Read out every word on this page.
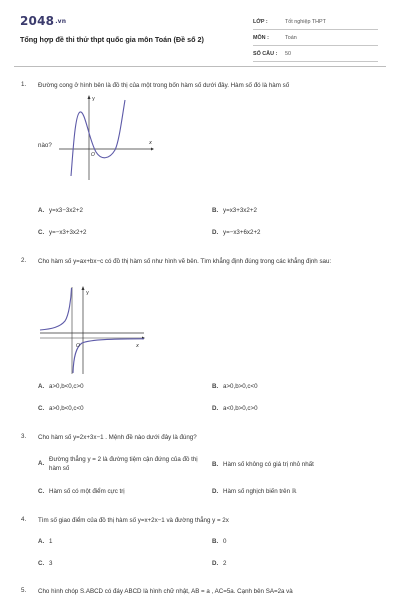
2048.vn
Tổng hợp đề thi thử thpt quốc gia môn Toán (Đề số 2)
LỚP :	Tốt nghiệp THPT
MÔN :	Toán
SỐ CÂU : 50
1. Đường cong ở hình bên là đồ thị của một trong bốn hàm số dưới đây. Hàm số đó là hàm số
nào?
y
x
O
A. y=x3−3x2+2	B. y=x3+3x2+2
C. y=−x3+3x2+2	D. y=−x3+6x2+2
2. Cho hàm số y=ax+bx−c có đồ thị hàm số như hình vẽ bên. Tìm khẳng định đúng trong các khẳng định sau:
y
x
O
A. a>0,b<0,c>0	B. a>0,b>0,c<0
C. a>0,b<0,c<0	D. a<0,b>0,c>0
3. Cho hàm số y=2x+3x−1 . Mệnh đề nào dưới đây là đúng?
A.Đường thẳng y = 2 là đường tiệm cận đứng của đồ thị hàm số
B. Hàm số không có giá trị nhỏ nhất
C. Hàm số có một điểm cực trị	D. Hàm số nghịch biến trên ℝ
4. Tìm số giao điểm của đồ thị hàm số y=x+2x−1 và đường thẳng y = 2x
A. 1	B. 0
C. 3	D. 2
5. Cho hình chóp S.ABCD có đáy ABCD là hình chữ nhật, AB = a , AC=5a. Cạnh bên SA=2a và
